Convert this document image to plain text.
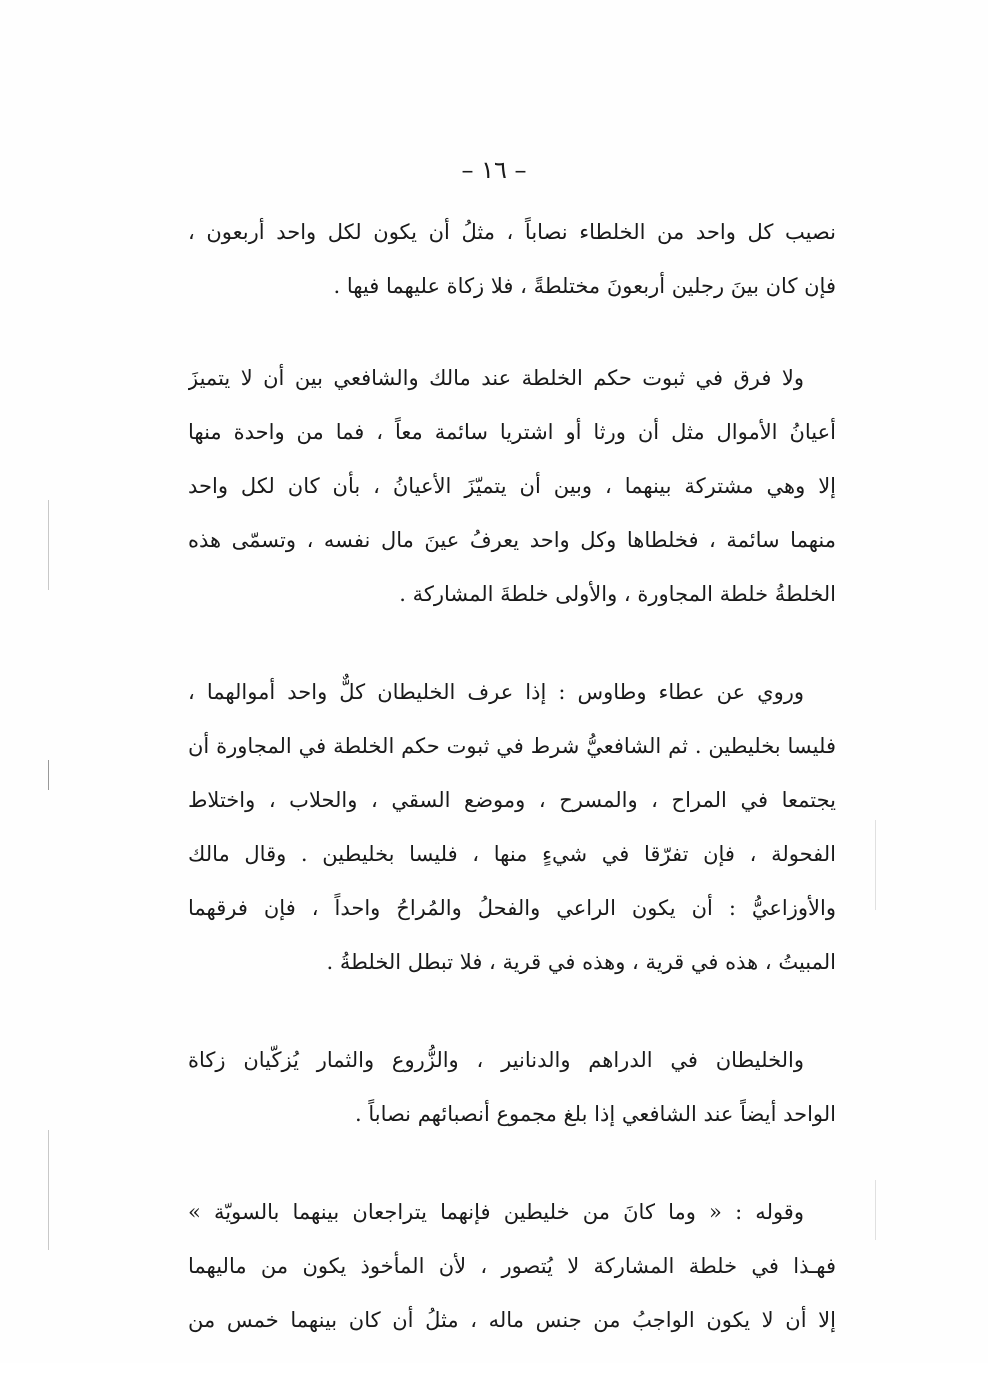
– ١٦ –
نصيب كل واحد من الخلطاء نصاباً ، مثلُ أن يكون لكل واحد أربعون ،
فإن كان بينَ رجلين أربعونَ مختلطةً ، فلا زكاة عليهما فيها .
ولا فرق في ثبوت حكم الخلطة عند مالك والشافعي بين أن لا يتميزَ
أعيانُ الأموال مثل أن ورثا أو اشتريا سائمة معاً ، فما من واحدة منها
إلا وهي مشتركة بينهما ، وبين أن يتميّزَ الأعيانُ ، بأن كان لكل واحد
منهما سائمة ، فخلطاها وكل واحد يعرفُ عينَ مال نفسه ، وتسمّى هذه
الخلطةُ خلطة المجاورة ، والأولى خلطةَ المشاركة .
وروي عن عطاء وطاوس : إذا عرف الخليطان كلٌّ واحد أموالهما ،
فليسا بخليطين . ثم الشافعيُّ شرط في ثبوت حكم الخلطة في المجاورة أن
يجتمعا في المراح ، والمسرح ، وموضع السقي ، والحلاب ، واختلاط
الفحولة ، فإن تفرّقا في شيءٍ منها ، فليسا بخليطين . وقال مالك
والأوزاعيُّ : أن يكون الراعي والفحلُ والمُراحُ واحداً ، فإن فرقهما
المبيتُ ، هذه في قرية ، وهذه في قرية ، فلا تبطل الخلطةُ .
والخليطان في الدراهم والدنانير ، والزُّروع والثمار يُزكّيان زكاة
الواحد أيضاً عند الشافعي إذا بلغ مجموع أنصبائهم نصاباً .
وقوله : « وما كانَ من خليطين فإنهما يتراجعان بينهما بالسويّة »
فهـذا في خلطة المشاركة لا يُتصور ، لأن المأخوذ يكون من ماليهما
إلا أن لا يكون الواجبُ من جنس ماله ، مثلُ أن كان بينهما خمس من
